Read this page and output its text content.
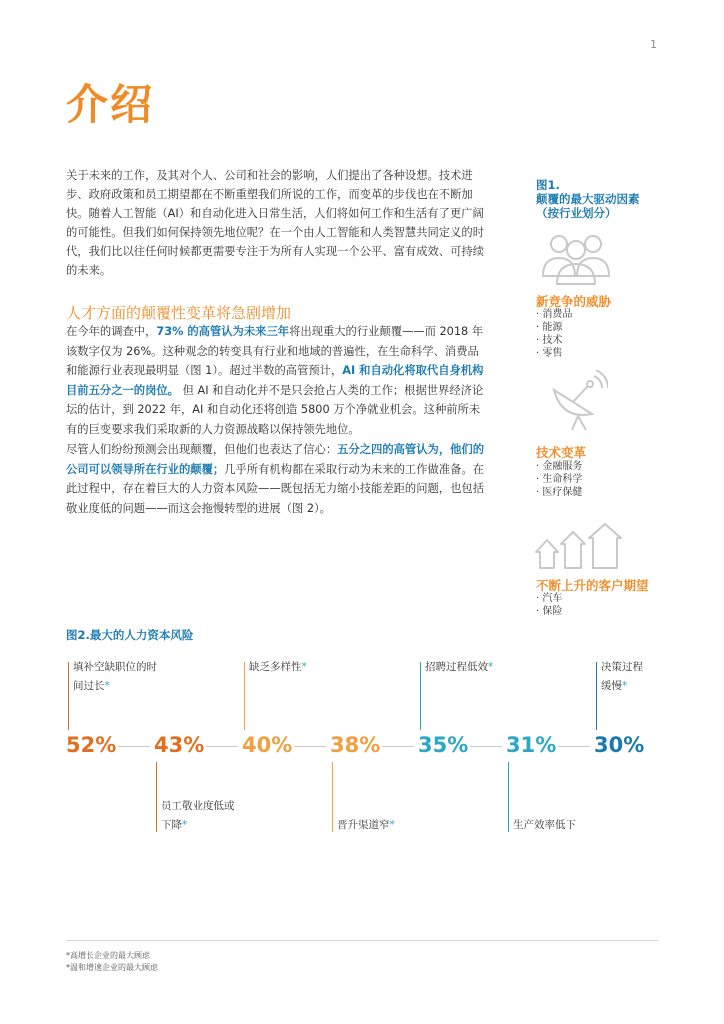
1
介绍
关于未来的工作，及其对个人、公司和社会的影响，人们提出了各种设想。技术进步、政府政策和员工期望都在不断重塑我们所说的工作，而变革的步伐也在不断加快。随着人工智能（AI）和自动化进入日常生活，人们将如何工作和生活有了更广阔的可能性。但我们如何保持领先地位呢？在一个由人工智能和人类智慧共同定义的时代，我们比以往任何时候都更需要专注于为所有人实现一个公平、富有成效、可持续的未来。
人才方面的颠覆性变革将急剧增加
在今年的调查中，73% 的高管认为未来三年将出现重大的行业颠覆——而 2018 年该数字仅为 26%。这种观念的转变具有行业和地域的普遍性，在生命科学、消费品和能源行业表现最明显（图 1）。超过半数的高管预计，AI 和自动化将取代自身机构目前五分之一的岗位。 但 AI 和自动化并不是只会抢占人类的工作；根据世界经济论坛的估计，到 2022 年，AI 和自动化还将创造 5800 万个净就业机会。这种前所未有的巨变要求我们采取新的人力资源战略以保持领先地位。
尽管人们纷纷预测会出现颠覆，但他们也表达了信心：五分之四的高管认为，他们的公司可以领导所在行业的颠覆；几乎所有机构都在采取行动为未来的工作做准备。在此过程中，存在着巨大的人力资本风险——既包括无力缩小技能差距的问题，也包括敬业度低的问题——而这会拖慢转型的进展（图 2）。
图1.
颠覆的最大驱动因素
（按行业划分）
新竞争的威胁
· 消费品
· 能源
· 技术
· 零售
技术变革
· 金融服务
· 生命科学
· 医疗保健
不断上升的客户期望
· 汽车
· 保险
图2.最大的人力资本风险
52%
填补空缺职位的时
间过长*
43%
员工敬业度低或
下降*
40%
缺乏多样性*
38%
晋升渠道窄*
35%
招聘过程低效*
31%
生产效率低下
30%
决策过程
缓慢*
*高增长企业的最大顾虑
*温和增速企业的最大顾虑
